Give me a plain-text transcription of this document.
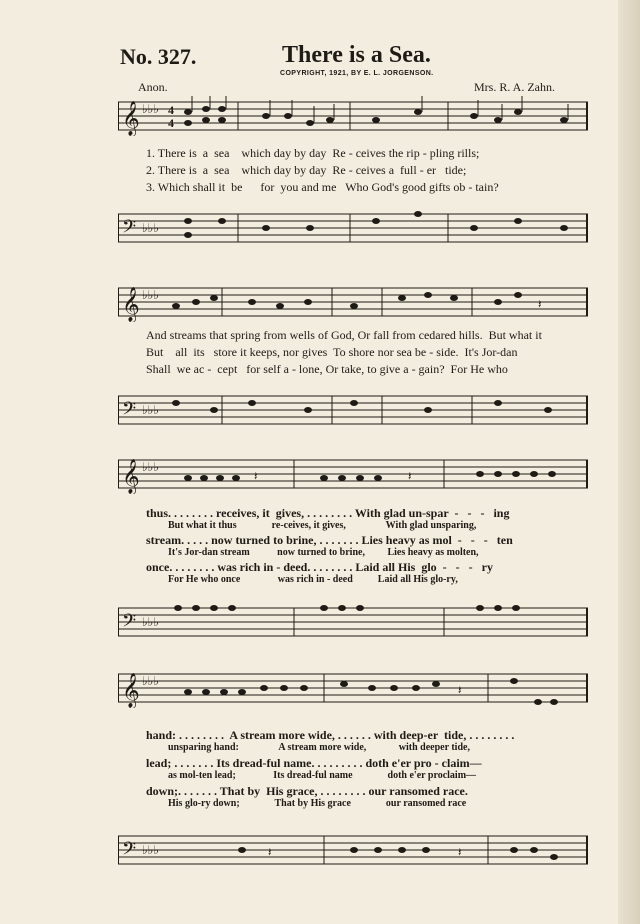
No. 327.	There is a Sea.
COPYRIGHT, 1921, BY E. L. JORGENSON.
Anon.	Mrs. R. A. Zahn.
𝄞 ♭♭♭ 4
4
1. There is  a  sea    which day by day  Re - ceives the rip - pling rills;
2. There is  a  sea    which day by day  Re - ceives a  full - er   tide;
3. Which shall it  be      for  you and me   Who God's good gifts ob - tain?
𝄢 ♭♭♭
𝄞 ♭♭♭
𝄽
And streams that spring from wells of God, Or fall from cedared hills.  But what it
But    all  its   store it keeps, nor gives  To shore nor sea be - side.  It's Jor-dan
Shall  we ac -  cept   for self a - lone, Or take, to give a - gain?  For He who
𝄢 ♭♭♭
𝄞 ♭♭♭
𝄽	𝄽
thus. . . . . . . . receives, it  gives, . . . . . . . . With glad un-spar  -   -   -   ing
But what it thus              re-ceives, it gives,                With glad unsparing,
stream. . . . . now turned to brine, . . . . . . . Lies heavy as mol  -   -   -   ten
It's Jor-dan stream           now turned to brine,         Lies heavy as molten,
once. . . . . . . . was rich in - deed. . . . . . . . Laid all His  glo  -   -   -   ry
For He who once               was rich in - deed          Laid all His glo-ry,
𝄢 ♭♭♭
𝄞 ♭♭♭
𝄽
hand: . . . . . . . .  A stream more wide, . . . . . . with deep-er  tide, . . . . . . . .
unsparing hand:                A stream more wide,             with deeper tide,
lead; . . . . . . . Its dread-ful name. . . . . . . . . doth e'er pro - claim—
as mol-ten lead;               Its dread-ful name              doth e'er proclaim—
down;. . . . . . . That by  His grace, . . . . . . . . our ransomed race.
His glo-ry down;              That by His grace              our ransomed race
𝄢 ♭♭♭	𝄽	𝄽
